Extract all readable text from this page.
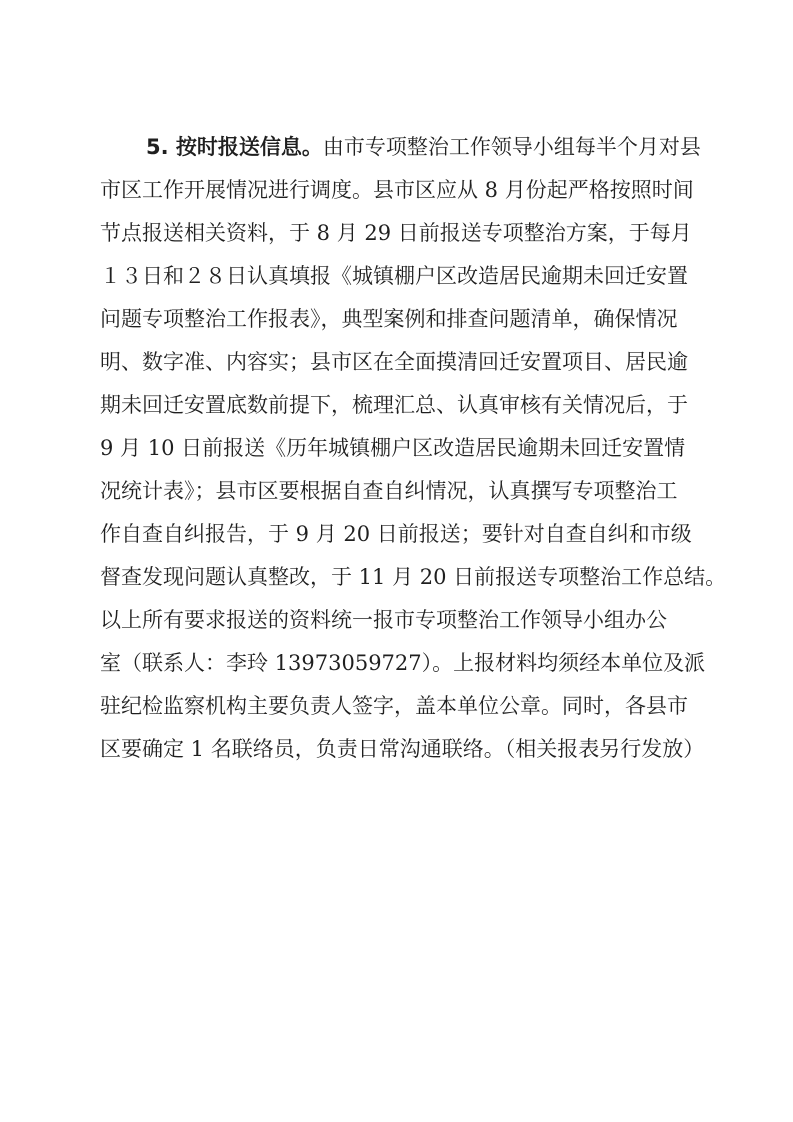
5. 按时报送信息。由市专项整治工作领导小组每半个月对县
市区工作开展情况进行调度。县市区应从 8 月份起严格按照时间
节点报送相关资料，于 8 月 29 日前报送专项整治方案，于每月
１３日和２８日认真填报《城镇棚户区改造居民逾期未回迁安置
问题专项整治工作报表》，典型案例和排查问题清单，确保情况
明、数字准、内容实；县市区在全面摸清回迁安置项目、居民逾
期未回迁安置底数前提下，梳理汇总、认真审核有关情况后，于
9 月 10 日前报送《历年城镇棚户区改造居民逾期未回迁安置情
况统计表》；县市区要根据自查自纠情况，认真撰写专项整治工
作自查自纠报告，于 9 月 20 日前报送；要针对自查自纠和市级
督查发现问题认真整改，于 11 月 20 日前报送专项整治工作总结。
以上所有要求报送的资料统一报市专项整治工作领导小组办公
室（联系人：李玲 13973059727）。上报材料均须经本单位及派
驻纪检监察机构主要负责人签字，盖本单位公章。同时，各县市
区要确定 1 名联络员，负责日常沟通联络。（相关报表另行发放）
